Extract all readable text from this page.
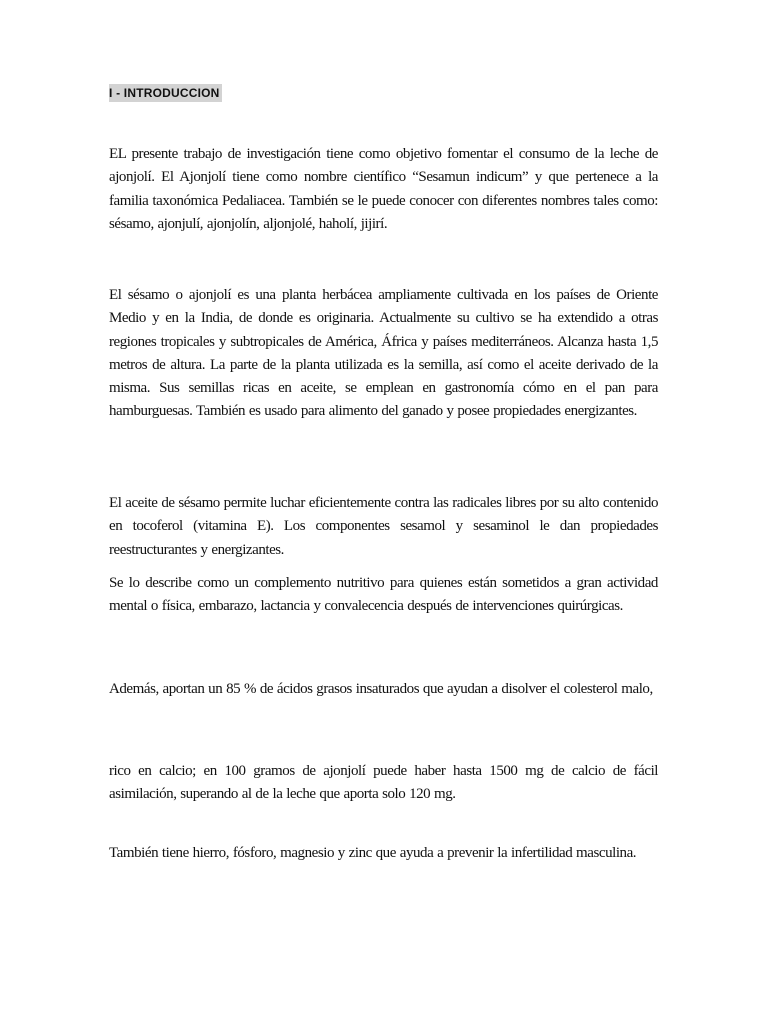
I - INTRODUCCION

EL presente trabajo de investigación tiene como objetivo fomentar el consumo de la leche de ajonjolí. El Ajonjolí tiene como nombre científico “Sesamun indicum” y que pertenece a la familia taxonómica Pedaliacea. También se le puede conocer con diferentes nombres tales como: sésamo, ajonjulí, ajonjolín, aljonjolé, haholí, jijirí.

El sésamo o ajonjolí es una planta herbácea ampliamente cultivada en los países de Oriente Medio y en la India, de donde es originaria. Actualmente su cultivo se ha extendido a otras regiones tropicales y subtropicales de América, África y países mediterráneos. Alcanza hasta 1,5 metros de altura. La parte de la planta utilizada es la semilla, así como el aceite derivado de la misma. Sus semillas ricas en aceite, se emplean en gastronomía cómo en el pan para hamburguesas. También es usado para alimento del ganado y posee propiedades energizantes.

El aceite de sésamo permite luchar eficientemente contra las radicales libres por su alto contenido en tocoferol (vitamina E). Los componentes sesamol y sesaminol le dan propiedades reestructurantes y energizantes.

Se lo describe como un complemento nutritivo para quienes están sometidos a gran actividad mental o física, embarazo, lactancia y convalecencia después de intervenciones quirúrgicas.

Además, aportan un 85 % de ácidos grasos insaturados que ayudan a disolver el colesterol malo,

rico en calcio; en 100 gramos de ajonjolí puede haber hasta 1500 mg de calcio de fácil asimilación, superando al de la leche que aporta solo 120 mg.

También tiene hierro, fósforo, magnesio y zinc que ayuda a prevenir la infertilidad masculina.
